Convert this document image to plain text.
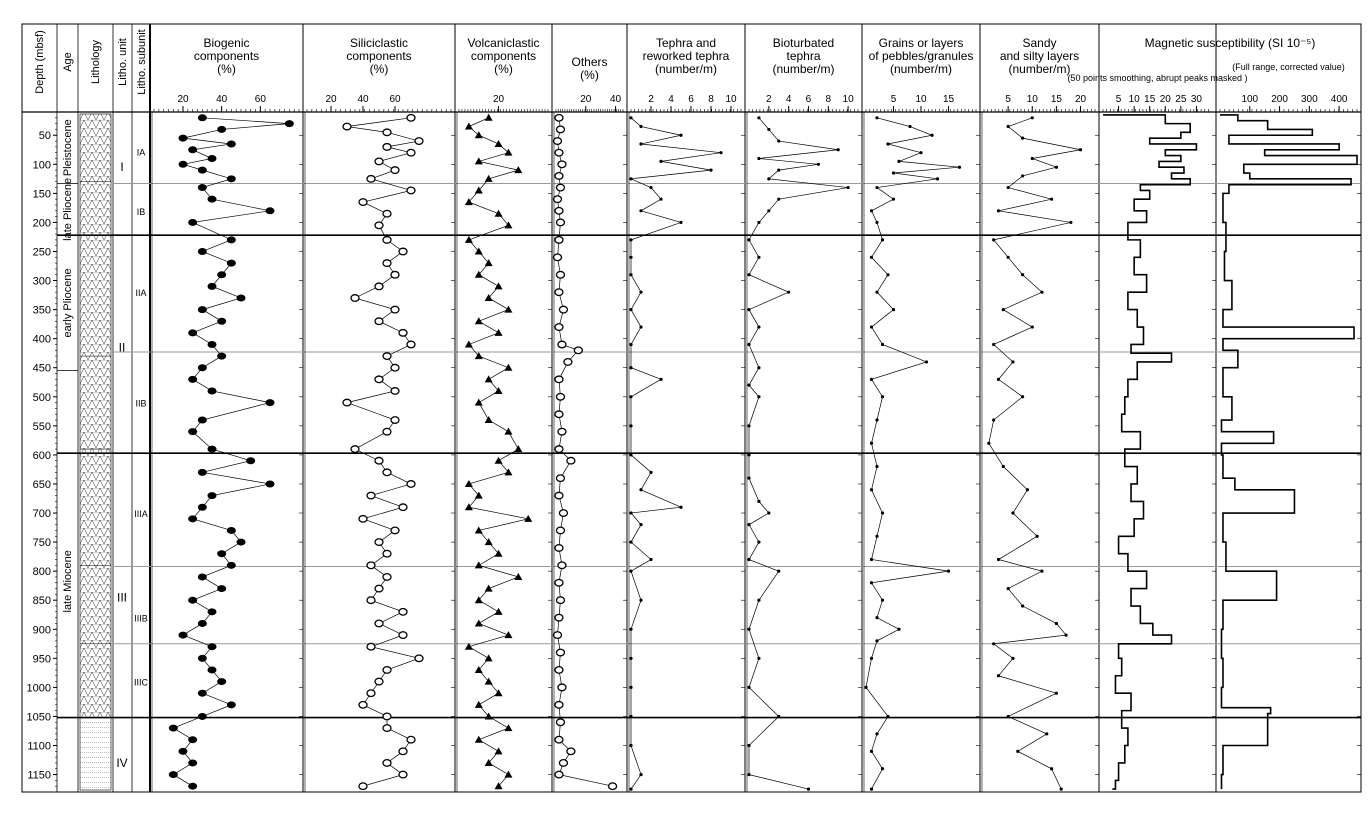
Depth (mbsf) Age Lithology Litho. unit Litho. subunit
50
100
150
200
250
300
350
400
450
500
550
600
650
700
750
800
850
900
950
1000
1050
1100
1150
Pleistocene
late Pliocene
early Pliocene
late Miocene
I
II
III
IV
IA
IB
IIA
IIB
IIIA
IIIB
IIIC
Biogenic
components
(%)
20	40	60
Siliciclastic
components
(%)
20 40 60
Volcaniclastic
components
(%)
20
Others
(%)
20 40
Tephra and
reworked tephra
(number/m)
2 4 6 8 10
Bioturbated
tephra
(number/m)
2 4 6 8 10
Grains or layers
of pebbles/granules
(number/m)
5 10 15
Sandy
and silty layers
(number/m)
5 10 15 20
Magnetic susceptibility (SI 10⁻⁵)
(50 points smoothing, abrupt peaks masked )
5 10 15 20 25 30
(Full range, corrected value)
100 200 300 400
